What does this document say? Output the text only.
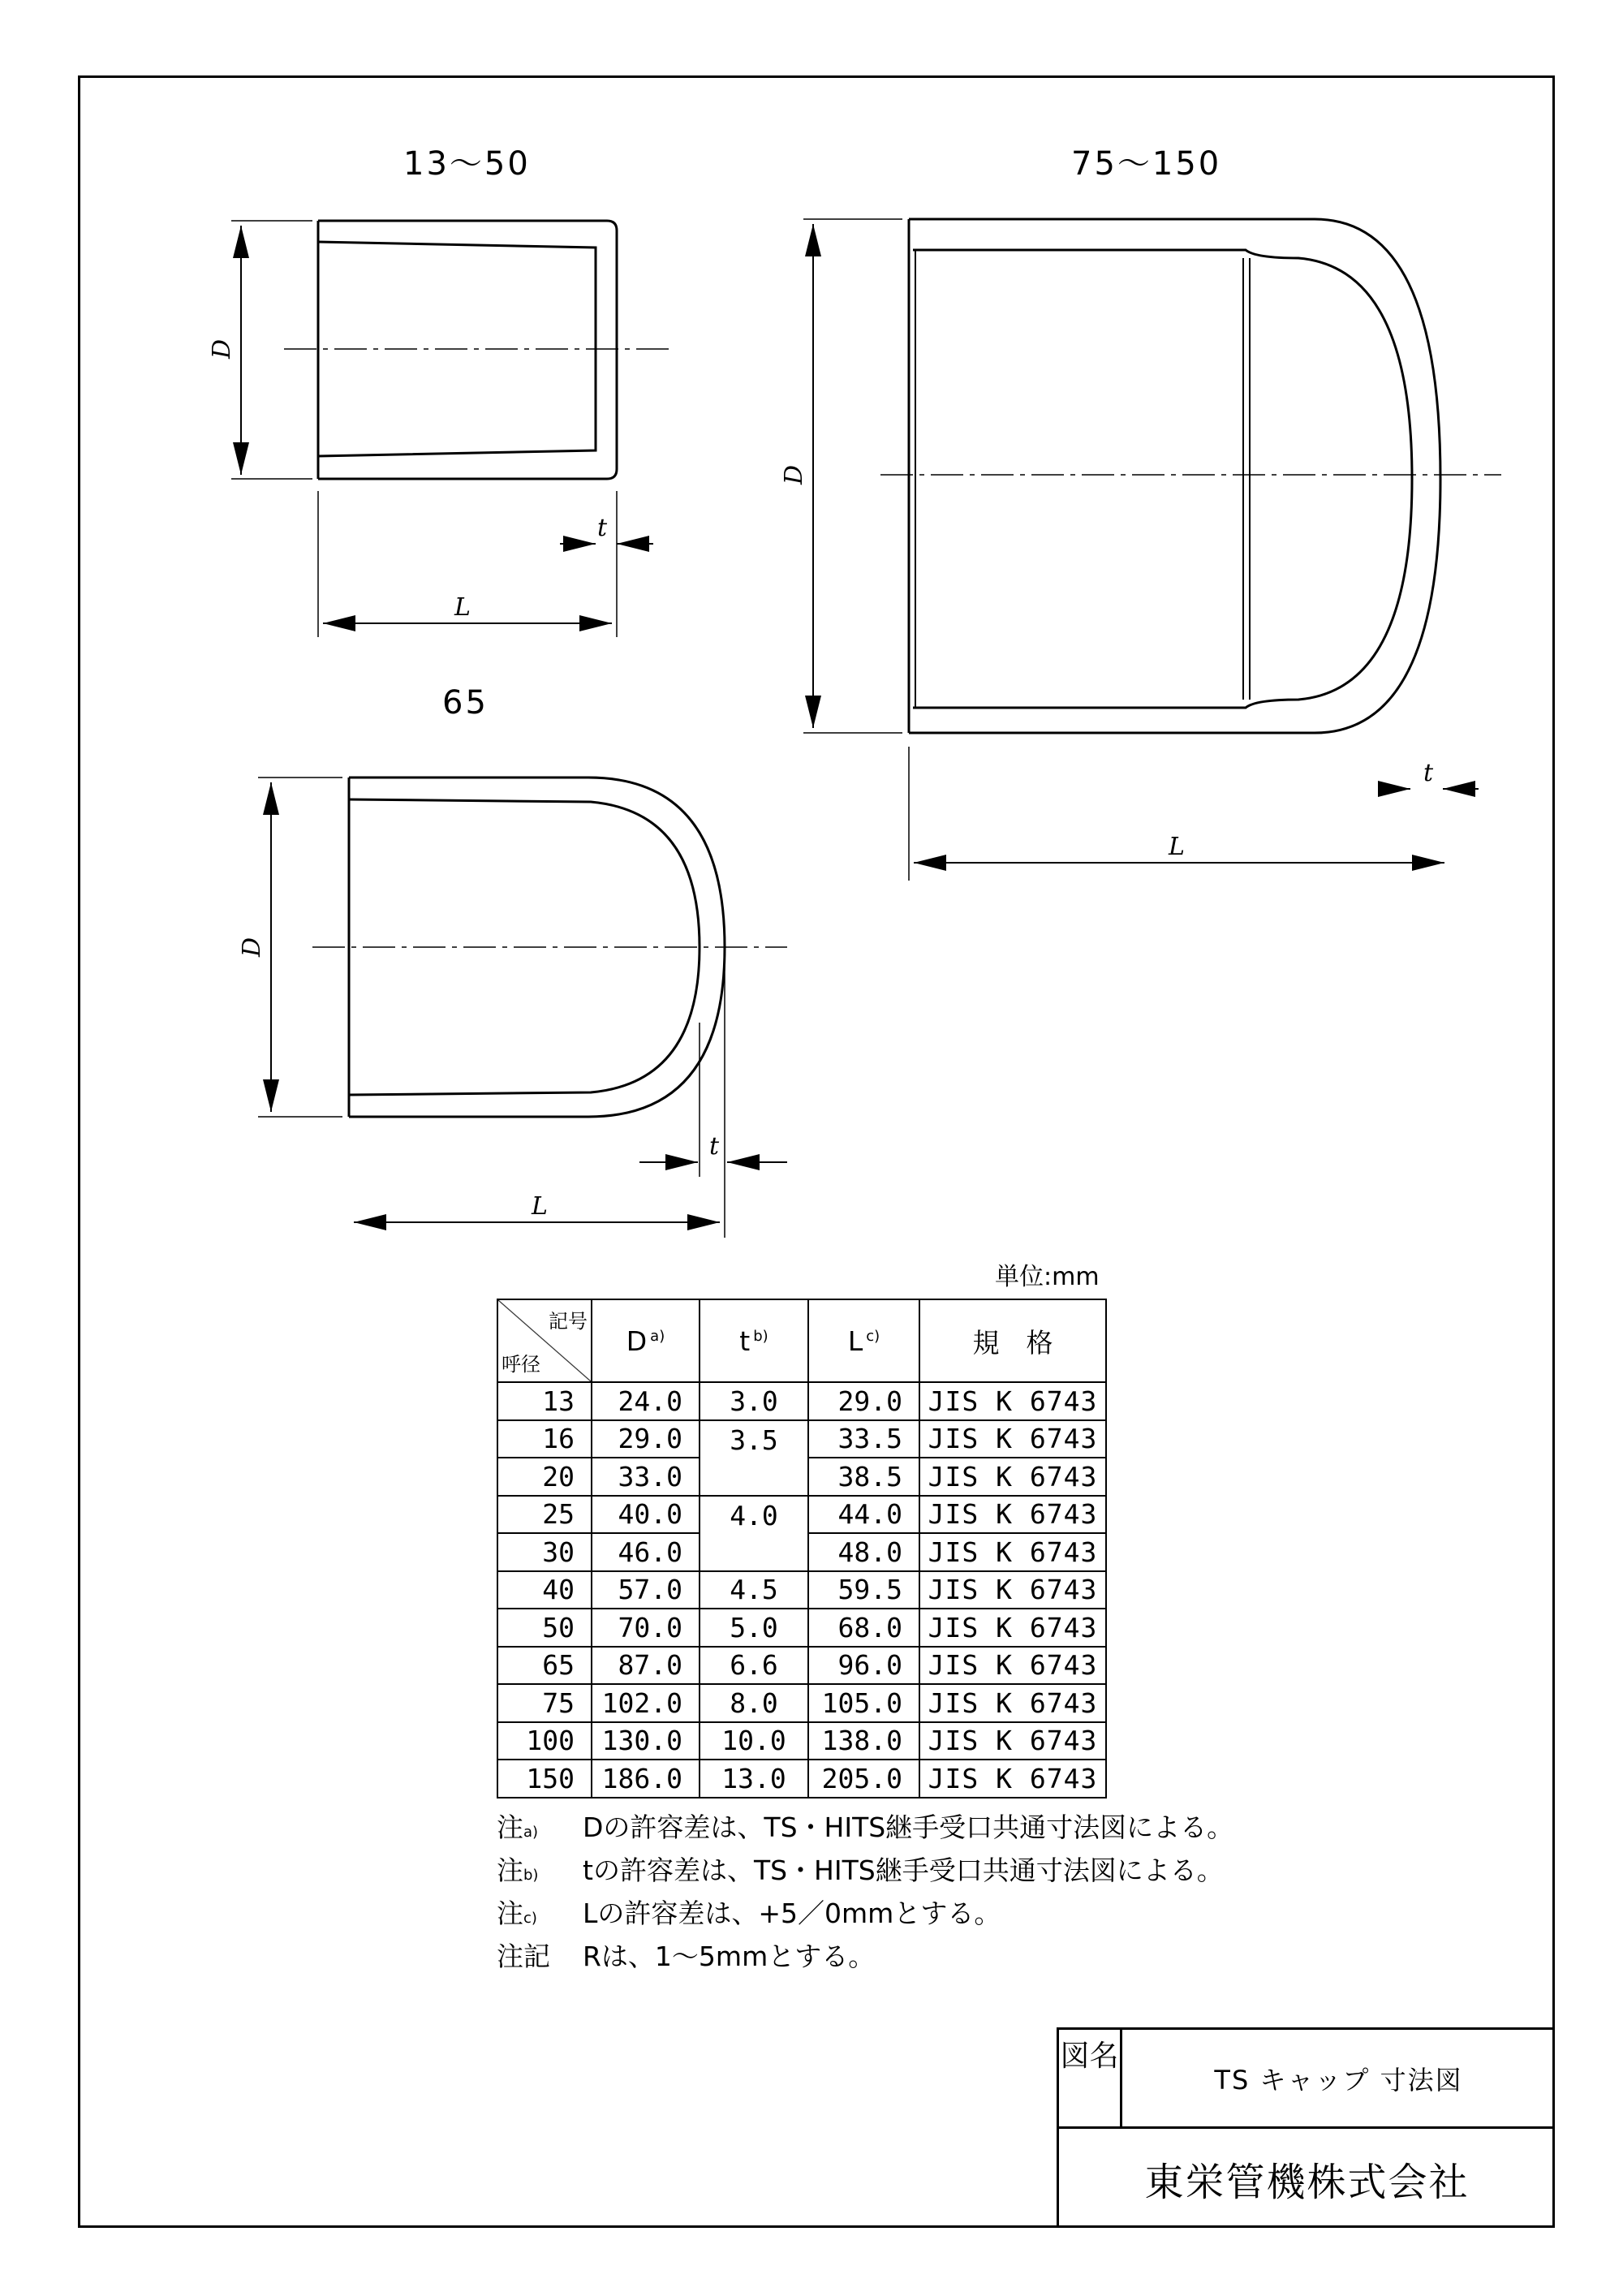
D
L
t
D
L
t
D
L
t
13〜50
65
75〜150
単位:mm
記号
呼径	D $^{a)}$	t $^{b)}$	L $^{c)}$	規　格
13	24.0	3.0	29.0	JIS K 6743
16	29.0	3.5	33.5	JIS K 6743
20	33.0		38.5	JIS K 6743
25	40.0	4.0	44.0	JIS K 6743
30	46.0		48.0	JIS K 6743
40	57.0	4.5	59.5	JIS K 6743
50	70.0	5.0	68.0	JIS K 6743
65	87.0	6.6	96.0	JIS K 6743
75	102.0	8.0	105.0	JIS K 6743
100	130.0	10.0	138.0	JIS K 6743
150	186.0	13.0	205.0	JIS K 6743
注a)	Dの許容差は、TS・HITS継手受口共通寸法図による。
注b)	tの許容差は、TS・HITS継手受口共通寸法図による。
注c)	Lの許容差は、+5／0mmとする。
注記	Rは、1〜5mmとする。
図名
TS キャップ 寸法図
東栄管機株式会社
